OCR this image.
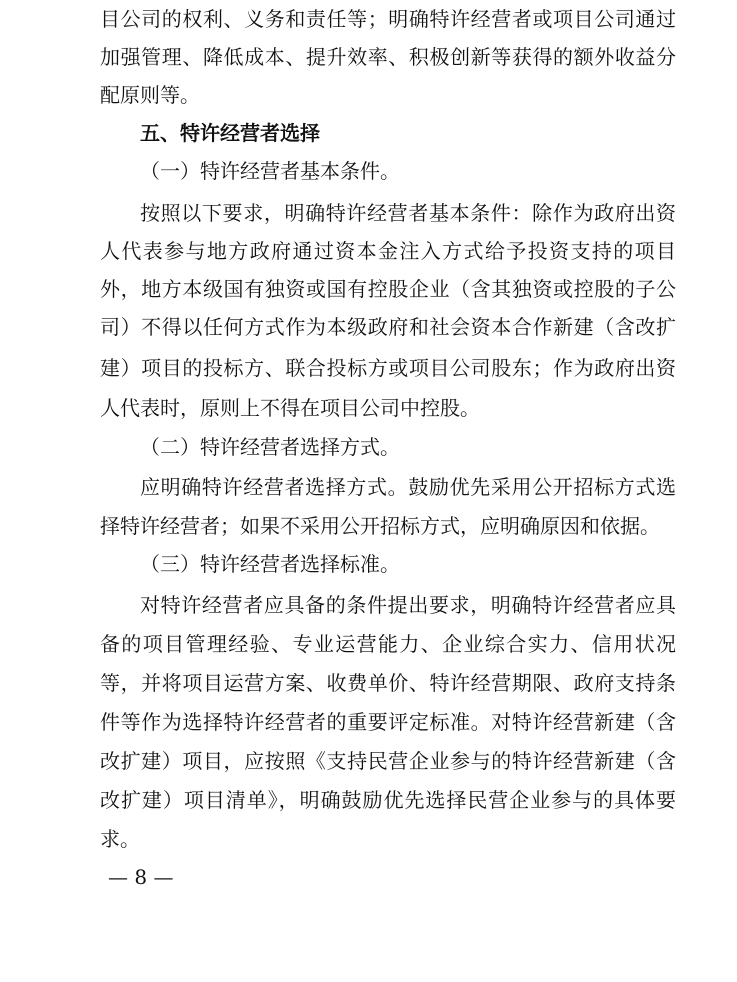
目公司的权利、义务和责任等；明确特许经营者或项目公司通过
加强管理、降低成本、提升效率、积极创新等获得的额外收益分
配原则等。
五、特许经营者选择
（一）特许经营者基本条件。
按照以下要求，明确特许经营者基本条件：除作为政府出资
人代表参与地方政府通过资本金注入方式给予投资支持的项目
外，地方本级国有独资或国有控股企业（含其独资或控股的子公
司）不得以任何方式作为本级政府和社会资本合作新建（含改扩
建）项目的投标方、联合投标方或项目公司股东；作为政府出资
人代表时，原则上不得在项目公司中控股。
（二）特许经营者选择方式。
应明确特许经营者选择方式。鼓励优先采用公开招标方式选
择特许经营者；如果不采用公开招标方式，应明确原因和依据。
（三）特许经营者选择标准。
对特许经营者应具备的条件提出要求，明确特许经营者应具
备的项目管理经验、专业运营能力、企业综合实力、信用状况
等，并将项目运营方案、收费单价、特许经营期限、政府支持条
件等作为选择特许经营者的重要评定标准。对特许经营新建（含
改扩建）项目，应按照《支持民营企业参与的特许经营新建（含
改扩建）项目清单》，明确鼓励优先选择民营企业参与的具体要
求。
— 8 —
